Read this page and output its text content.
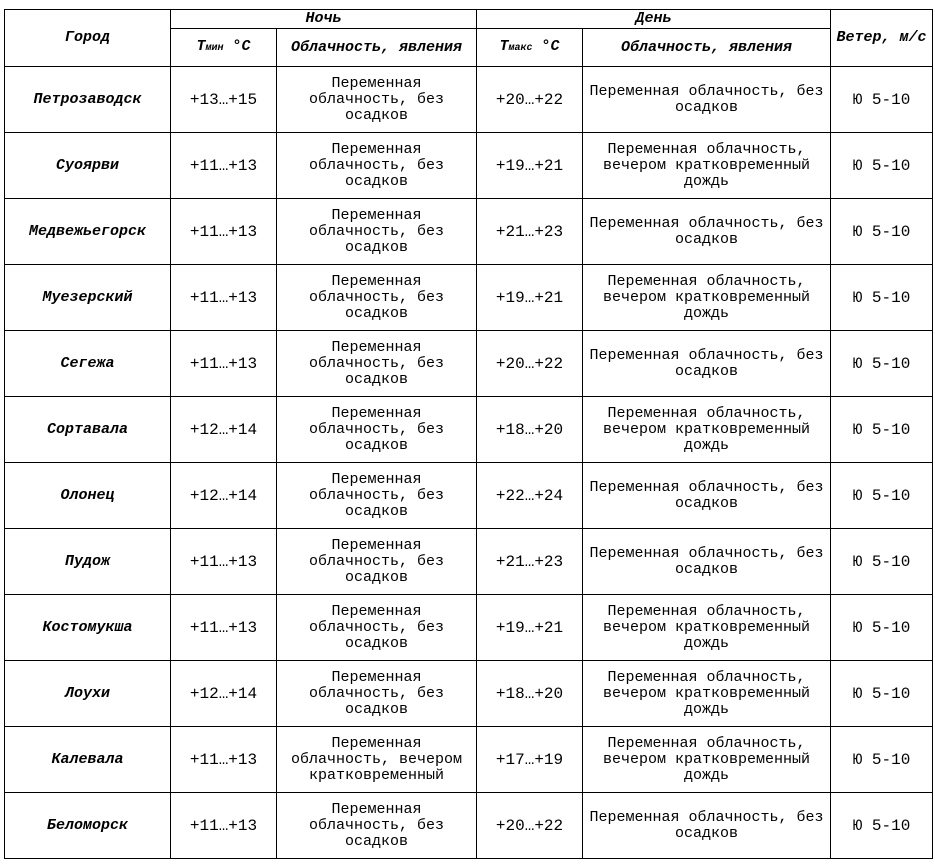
Город	Ночь		День		Ветер, м/с
	Tмин °C	Облачность, явления	Tмакс °C	Облачность, явления	
Петрозаводск	+13…+15	Переменная облачность, без осадков	+20…+22	Переменная облачность, без осадков	Ю 5-10
Суоярви	+11…+13	Переменная облачность, без осадков	+19…+21	Переменная облачность, вечером кратковременный дождь	Ю 5-10
Медвежьегорск	+11…+13	Переменная облачность, без осадков	+21…+23	Переменная облачность, без осадков	Ю 5-10
Муезерский	+11…+13	Переменная облачность, без осадков	+19…+21	Переменная облачность, вечером кратковременный дождь	Ю 5-10
Сегежа	+11…+13	Переменная облачность, без осадков	+20…+22	Переменная облачность, без осадков	Ю 5-10
Сортавала	+12…+14	Переменная облачность, без осадков	+18…+20	Переменная облачность, вечером кратковременный дождь	Ю 5-10
Олонец	+12…+14	Переменная облачность, без осадков	+22…+24	Переменная облачность, без осадков	Ю 5-10
Пудож	+11…+13	Переменная облачность, без осадков	+21…+23	Переменная облачность, без осадков	Ю 5-10
Костомукша	+11…+13	Переменная облачность, без осадков	+19…+21	Переменная облачность, вечером кратковременный дождь	Ю 5-10
Лоухи	+12…+14	Переменная облачность, без осадков	+18…+20	Переменная облачность, вечером кратковременный дождь	Ю 5-10
Калевала	+11…+13	Переменная облачность, вечером кратковременный	+17…+19	Переменная облачность, вечером кратковременный дождь	Ю 5-10
Беломорск	+11…+13	Переменная облачность, без осадков	+20…+22	Переменная облачность, без осадков	Ю 5-10
